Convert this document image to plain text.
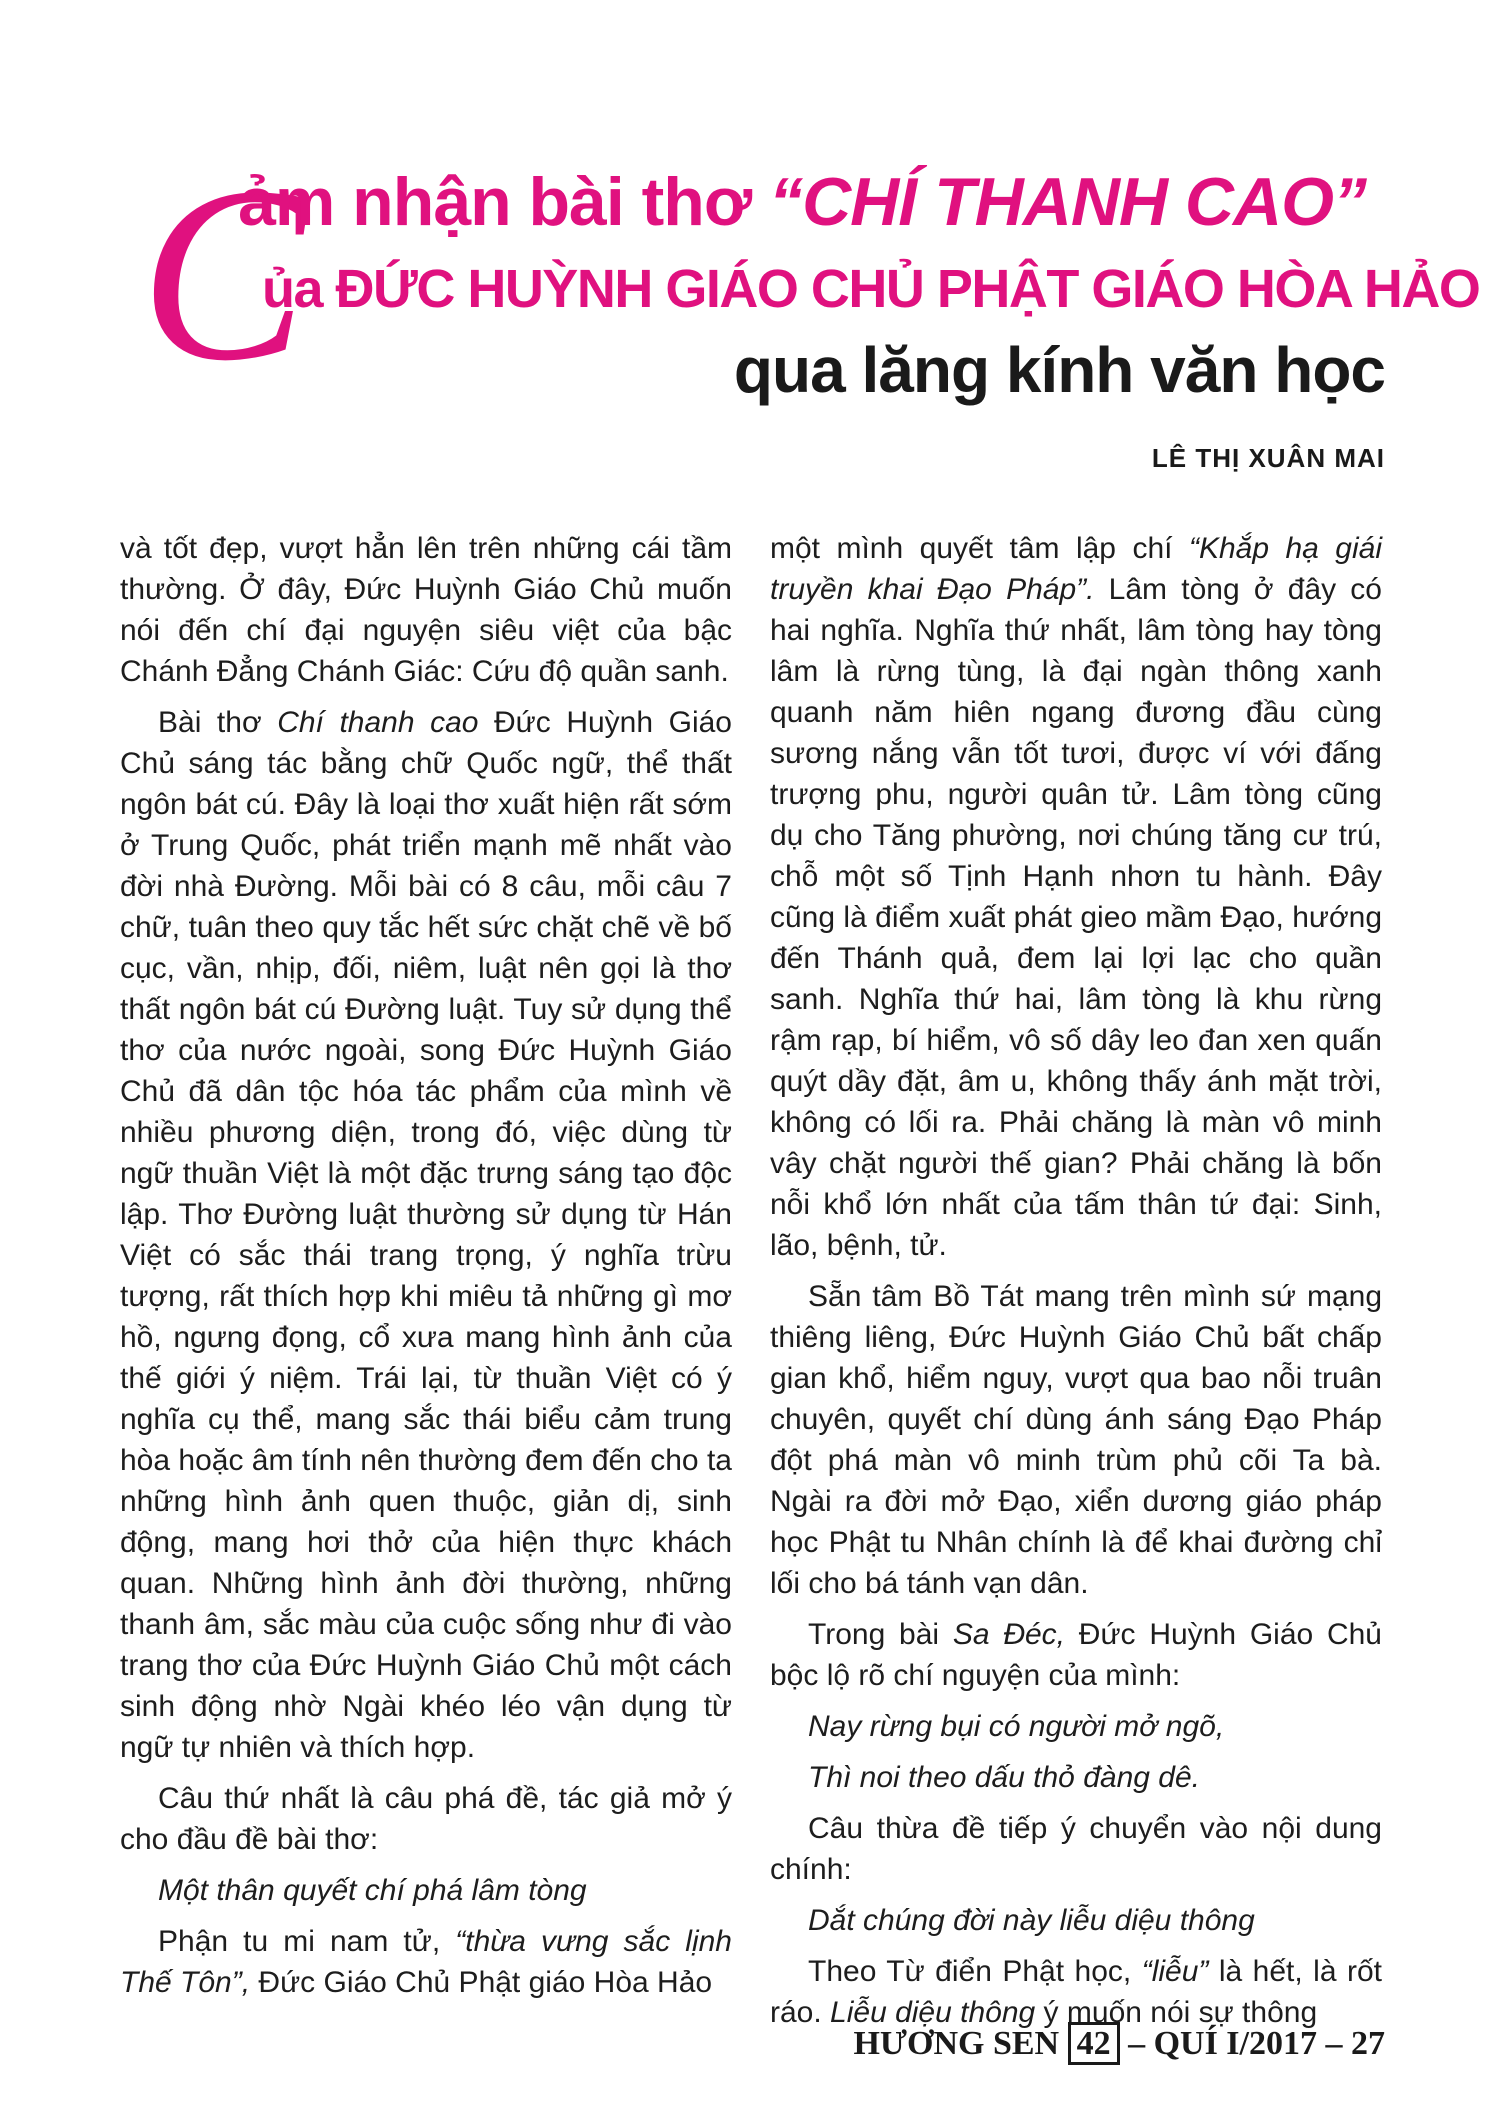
C
ảm nhận bài thơ “CHÍ THANH CAO”
ủa ĐỨC HUỲNH GIÁO CHỦ PHẬT GIÁO HÒA HẢO
qua lăng kính văn học
LÊ THỊ XUÂN MAI

và tốt đẹp, vượt hẳn lên trên những cái tầm thường. Ở đây, Đức Huỳnh Giáo Chủ muốn nói đến chí đại nguyện siêu việt của bậc Chánh Đẳng Chánh Giác: Cứu độ quần sanh.

Bài thơ Chí thanh cao Đức Huỳnh Giáo Chủ sáng tác bằng chữ Quốc ngữ, thể thất ngôn bát cú. Đây là loại thơ xuất hiện rất sớm ở Trung Quốc, phát triển mạnh mẽ nhất vào đời nhà Đường. Mỗi bài có 8 câu, mỗi câu 7 chữ, tuân theo quy tắc hết sức chặt chẽ về bố cục, vần, nhịp, đối, niêm, luật nên gọi là thơ thất ngôn bát cú Đường luật. Tuy sử dụng thể thơ của nước ngoài, song Đức Huỳnh Giáo Chủ đã dân tộc hóa tác phẩm của mình về nhiều phương diện, trong đó, việc dùng từ ngữ thuần Việt là một đặc trưng sáng tạo độc lập. Thơ Đường luật thường sử dụng từ Hán Việt có sắc thái trang trọng, ý nghĩa trừu tượng, rất thích hợp khi miêu tả những gì mơ hồ, ngưng đọng, cổ xưa mang hình ảnh của thế giới ý niệm. Trái lại, từ thuần Việt có ý nghĩa cụ thể, mang sắc thái biểu cảm trung hòa hoặc âm tính nên thường đem đến cho ta những hình ảnh quen thuộc, giản dị, sinh động, mang hơi thở của hiện thực khách quan. Những hình ảnh đời thường, những thanh âm, sắc màu của cuộc sống như đi vào trang thơ của Đức Huỳnh Giáo Chủ một cách sinh động nhờ Ngài khéo léo vận dụng từ ngữ tự nhiên và thích hợp.

Câu thứ nhất là câu phá đề, tác giả mở ý cho đầu đề bài thơ:

Một thân quyết chí phá lâm tòng

Phận tu mi nam tử, “thừa vưng sắc lịnh Thế Tôn”, Đức Giáo Chủ Phật giáo Hòa Hảo

một mình quyết tâm lập chí “Khắp hạ giái truyền khai Đạo Pháp”. Lâm tòng ở đây có hai nghĩa. Nghĩa thứ nhất, lâm tòng hay tòng lâm là rừng tùng, là đại ngàn thông xanh quanh năm hiên ngang đương đầu cùng sương nắng vẫn tốt tươi, được ví với đấng trượng phu, người quân tử. Lâm tòng cũng dụ cho Tăng phường, nơi chúng tăng cư trú, chỗ một số Tịnh Hạnh nhơn tu hành. Đây cũng là điểm xuất phát gieo mầm Đạo, hướng đến Thánh quả, đem lại lợi lạc cho quần sanh. Nghĩa thứ hai, lâm tòng là khu rừng rậm rạp, bí hiểm, vô số dây leo đan xen quấn quýt dầy đặt, âm u, không thấy ánh mặt trời, không có lối ra. Phải chăng là màn vô minh vây chặt người thế gian? Phải chăng là bốn nỗi khổ lớn nhất của tấm thân tứ đại: Sinh, lão, bệnh, tử.

Sẵn tâm Bồ Tát mang trên mình sứ mạng thiêng liêng, Đức Huỳnh Giáo Chủ bất chấp gian khổ, hiểm nguy, vượt qua bao nỗi truân chuyên, quyết chí dùng ánh sáng Đạo Pháp đột phá màn vô minh trùm phủ cõi Ta bà. Ngài ra đời mở Đạo, xiển dương giáo pháp học Phật tu Nhân chính là để khai đường chỉ lối cho bá tánh vạn dân.

Trong bài Sa Đéc, Đức Huỳnh Giáo Chủ bộc lộ rõ chí nguyện của mình:

Nay rừng bụi có người mở ngõ,

Thì noi theo dấu thỏ đàng dê.

Câu thừa đề tiếp ý chuyển vào nội dung chính:

Dắt chúng đời này liễu diệu thông

Theo Từ điển Phật học, “liễu” là hết, là rốt ráo. Liễu diệu thông ý muốn nói sự thông

HƯƠNG SEN 42 – QUÍ I/2017 – 27
